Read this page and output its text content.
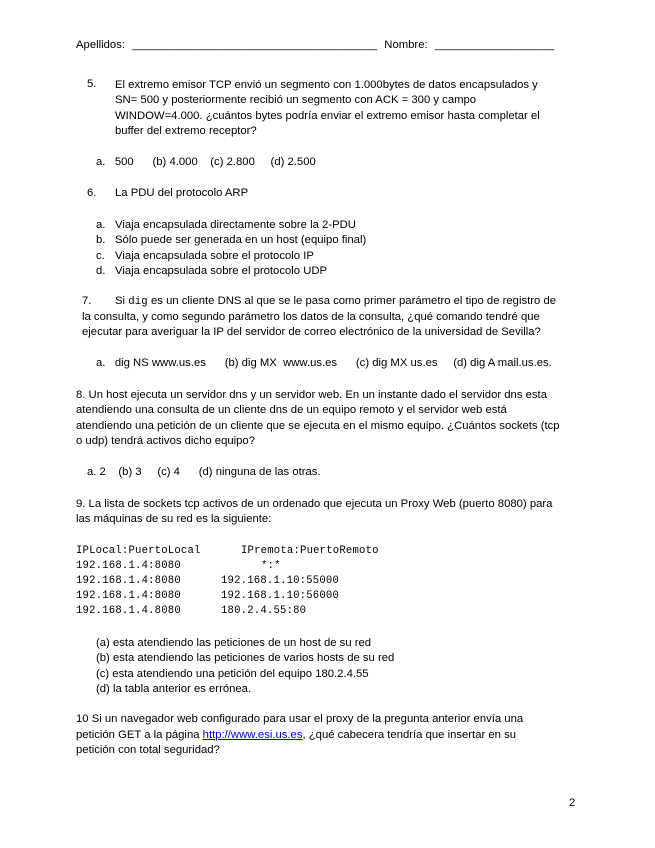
Apellidos: _______________________________________ Nombre: ___________________
5. El extremo emisor TCP envió un segmento con 1.000bytes de datos encapsulados y
SN= 500 y posteriormente recibió un segmento con ACK = 300 y campo
WINDOW=4.000. ¿cuántos bytes podría enviar el extremo emisor hasta completar el
buffer del extremo receptor?
a.   500      (b) 4.000    (c) 2.800     (d) 2.500
6. La PDU del protocolo ARP
a. Viaja encapsulada directamente sobre la 2-PDU
b. Sólo puede ser generada en un host (equipo final)
c. Viaja encapsulada sobre el protocolo IP
d. Viaja encapsulada sobre el protocolo UDP
7. Si dig es un cliente DNS al que se le pasa como primer parámetro el tipo de registro de
la consulta, y como segundo parámetro los datos de la consulta, ¿qué comando tendré que
ejecutar para averiguar la IP del servidor de correo electrónico de la universidad de Sevilla?
a.   dig NS www.us.es      (b) dig MX  www.us.es      (c) dig MX us.es     (d) dig A mail.us.es.
8. Un host ejecuta un servidor dns y un servidor web. En un instante dado el servidor dns esta
atendiendo una consulta de un cliente dns de un equipo remoto y el servidor web está
atendiendo una petición de un cliente que se ejecuta en el mismo equipo. ¿Cuántos sockets (tcp
o udp) tendrá activos dicho equipo?
a. 2    (b) 3     (c) 4      (d) ninguna de las otras.
9. La lista de sockets tcp activos de un ordenado que ejecuta un Proxy Web (puerto 8080) para
las máquinas de su red es la siguiente:
IPLocal:PuertoLocal	IPremota:PuertoRemoto
192.168.1.4:8080	*:*
192.168.1.4:8080	192.168.1.10:55000
192.168.1.4:8080	192.168.1.10:56000
192.168.1.4.8080	180.2.4.55:80
(a) esta atendiendo las peticiones de un host de su red
(b) esta atendiendo las peticiones de varios hosts de su red
(c) esta atendiendo una petición del equipo 180.2.4.55
(d) la tabla anterior es errónea.
10 Si un navegador web configurado para usar el proxy de la pregunta anterior envía una
petición GET a la página http://www.esi.us.es, ¿qué cabecera tendría que insertar en su
petición con total seguridad?
2
